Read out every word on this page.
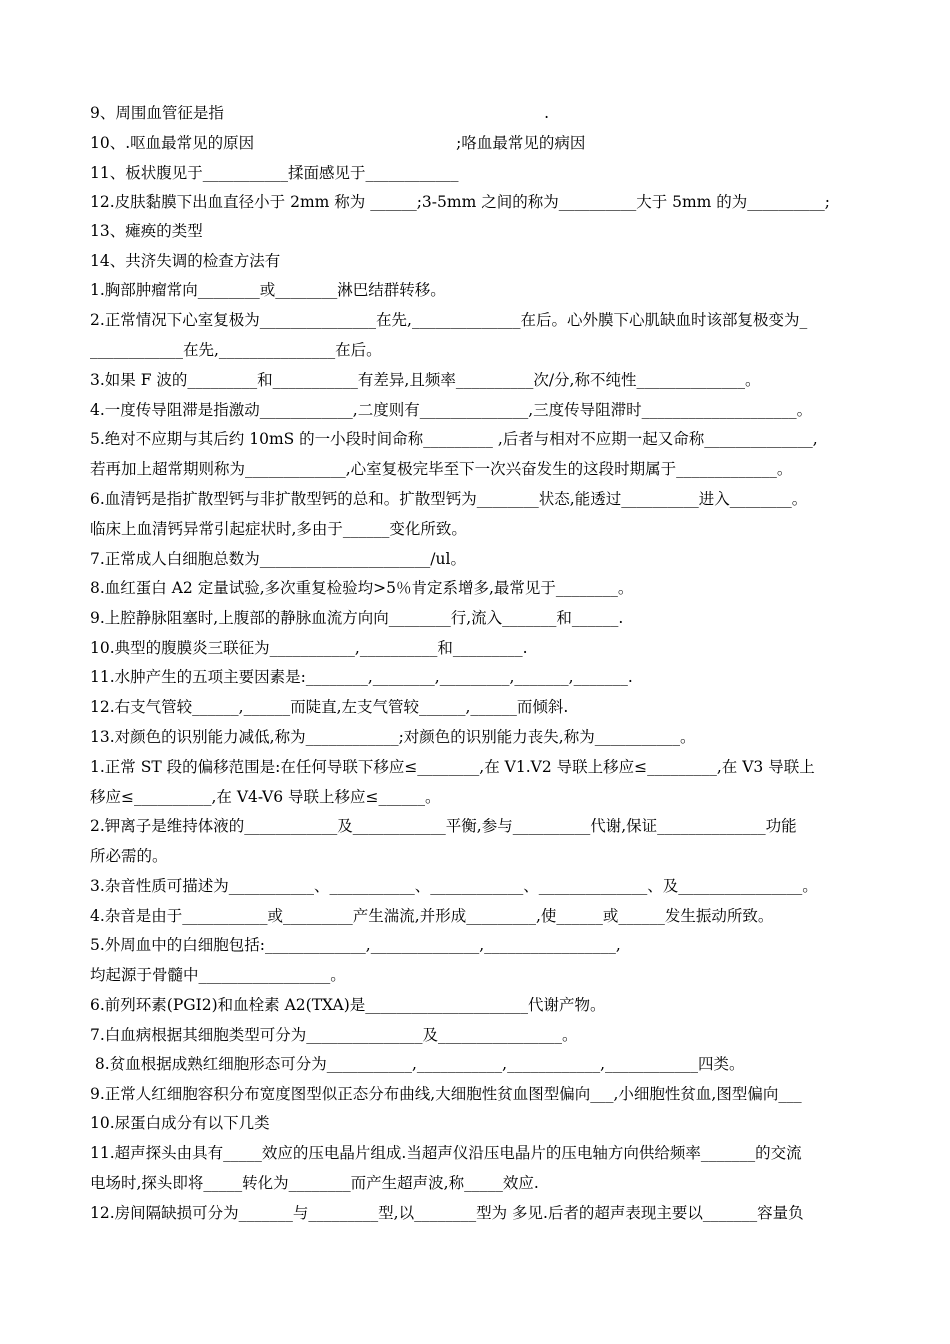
9、周围血管征是指                                                                 .
10、.呕血最常见的原因                                         ;咯血最常见的病因
11、板状腹见于___________揉面感见于____________
12.皮肤黏膜下出血直径小于 2mm 称为 ______;3-5mm 之间的称为__________大于 5mm 的为__________;
13、瘫痪的类型
14、共济失调的检查方法有
1.胸部肿瘤常向________或________淋巴结群转移。
2.正常情况下心室复极为_______________在先,______________在后。心外膜下心肌缺血时该部复极变为_
____________在先,_______________在后。
3.如果 F 波的_________和___________有差异,且频率__________次/分,称不纯性______________。
4.一度传导阻滞是指激动____________,二度则有______________,三度传导阻滞时____________________。
5.绝对不应期与其后约 10mS 的一小段时间命称_________ ,后者与相对不应期一起又命称______________,
若再加上超常期则称为_____________,心室复极完毕至下一次兴奋发生的这段时期属于_____________。
6.血清钙是指扩散型钙与非扩散型钙的总和。扩散型钙为________状态,能透过__________进入________。
临床上血清钙异常引起症状时,多由于______变化所致。
7.正常成人白细胞总数为______________________/ul。
8.血红蛋白 A2 定量试验,多次重复检验均>5％肯定系增多,最常见于________。
9.上腔静脉阻塞时,上腹部的静脉血流方向向________行,流入_______和______.
10.典型的腹膜炎三联征为___________,__________和_________.
11.水肿产生的五项主要因素是:________,________,_________,_______,_______.
12.右支气管较______,______而陡直,左支气管较______,______而倾斜.
13.对颜色的识别能力减低,称为____________;对颜色的识别能力丧失,称为___________。
1.正常 ST 段的偏移范围是:在任何导联下移应≤________,在 V1.V2 导联上移应≤_________,在 V3 导联上
移应≤__________,在 V4-V6 导联上移应≤______。
2.钾离子是维持体液的____________及____________平衡,参与__________代谢,保证______________功能
所必需的。
3.杂音性质可描述为___________、___________、____________、______________、及________________。
4.杂音是由于___________或_________产生湍流,并形成_________,使______或______发生振动所致。
5.外周血中的白细胞包括:_____________,______________,_________________,
均起源于骨髓中_________________。
6.前列环素(PGI2)和血栓素 A2(TXA)是_____________________代谢产物。
7.白血病根据其细胞类型可分为_______________及________________。
8.贫血根据成熟红细胞形态可分为___________,___________,____________,____________四类。
9.正常人红细胞容积分布宽度图型似正态分布曲线,大细胞性贫血图型偏向___,小细胞性贫血,图型偏向___
10.尿蛋白成分有以下几类
11.超声探头由具有_____效应的压电晶片组成.当超声仪沿压电晶片的压电轴方向供给频率_______的交流
电场时,探头即将_____转化为________而产生超声波,称_____效应.
12.房间隔缺损可分为_______与_________型,以________型为 多见.后者的超声表现主要以_______容量负
